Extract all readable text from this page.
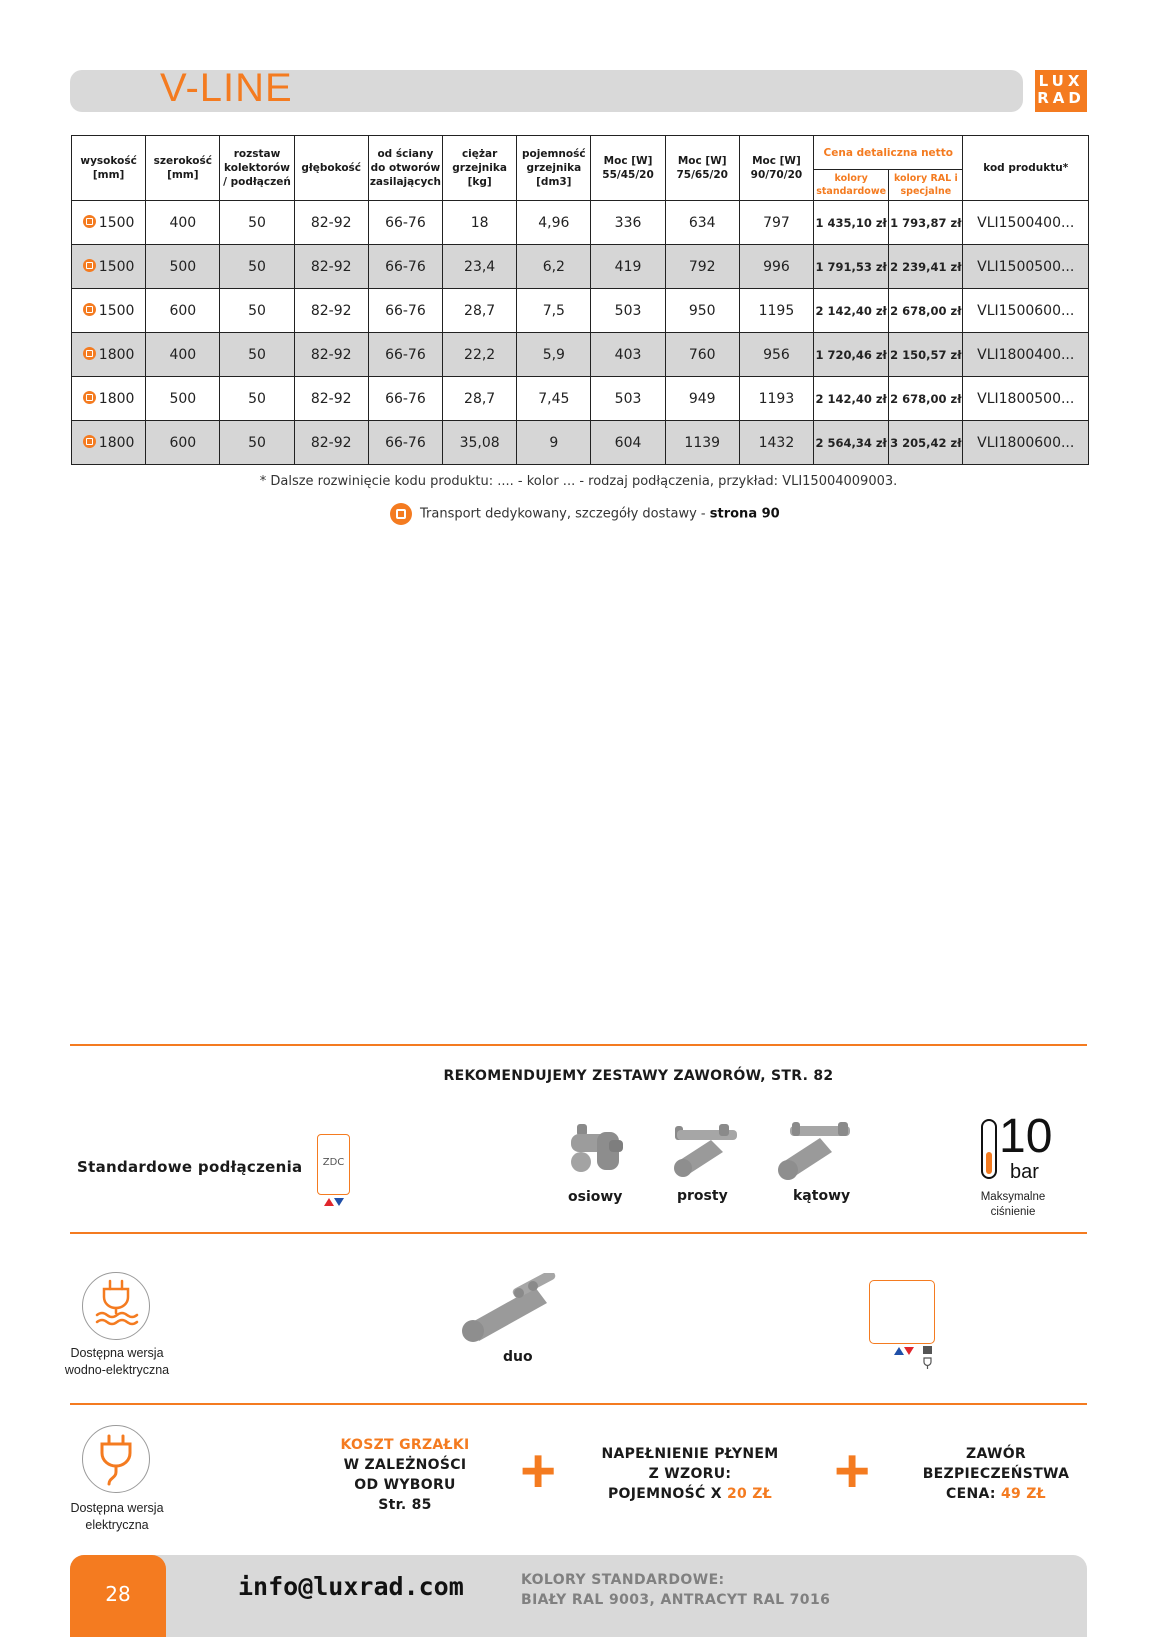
V-LINE	LUX
RAD
wysokość [mm]	szerokość [mm]	rozstaw kolektorów / podłączeń	głębokość	od ściany do otworów zasilających	ciężar grzejnika [kg]	pojemność grzejnika [dm3]	Moc [W] 55/45/20	Moc [W] 75/65/20	Moc [W] 90/70/20	Cena detaliczna netto		kod produktu*
										kolory standardowe	kolory RAL i specjalne	
1500	400	50	82-92	66-76	18	4,96	336	634	797	1 435,10 zł	1 793,87 zł	VLI1500400...
1500	500	50	82-92	66-76	23,4	6,2	419	792	996	1 791,53 zł	2 239,41 zł	VLI1500500...
1500	600	50	82-92	66-76	28,7	7,5	503	950	1195	2 142,40 zł	2 678,00 zł	VLI1500600...
1800	400	50	82-92	66-76	22,2	5,9	403	760	956	1 720,46 zł	2 150,57 zł	VLI1800400...
1800	500	50	82-92	66-76	28,7	7,45	503	949	1193	2 142,40 zł	2 678,00 zł	VLI1800500...
1800	600	50	82-92	66-76	35,08	9	604	1139	1432	2 564,34 zł	3 205,42 zł	VLI1800600...
* Dalsze rozwinięcie kodu produktu: .... - kolor ... - rodzaj podłączenia, przykład: VLI15004009003.
Transport dedykowany, szczegóły dostawy - strona 90
REKOMENDUJEMY ZESTAWY ZAWORÓW, STR. 82
Standardowe podłączenia	ZDC
osiowy	prosty	kątowy
10
bar
Maksymalne
ciśnienie
Dostępna wersja
wodno-elektryczna
duo
Dostępna wersja
elektryczna
KOSZT GRZAŁKI
W ZALEŻNOŚCI
OD WYBORU
Str. 85	+	NAPEŁNIENIE PŁYNEM
Z WZORU:
POJEMNOŚĆ X 20 ZŁ +	ZAWÓR
BEZPIECZEŃSTWA
CENA: 49 ZŁ
28	info@luxrad.com	KOLORY STANDARDOWE:
BIAŁY RAL 9003, ANTRACYT RAL 7016
